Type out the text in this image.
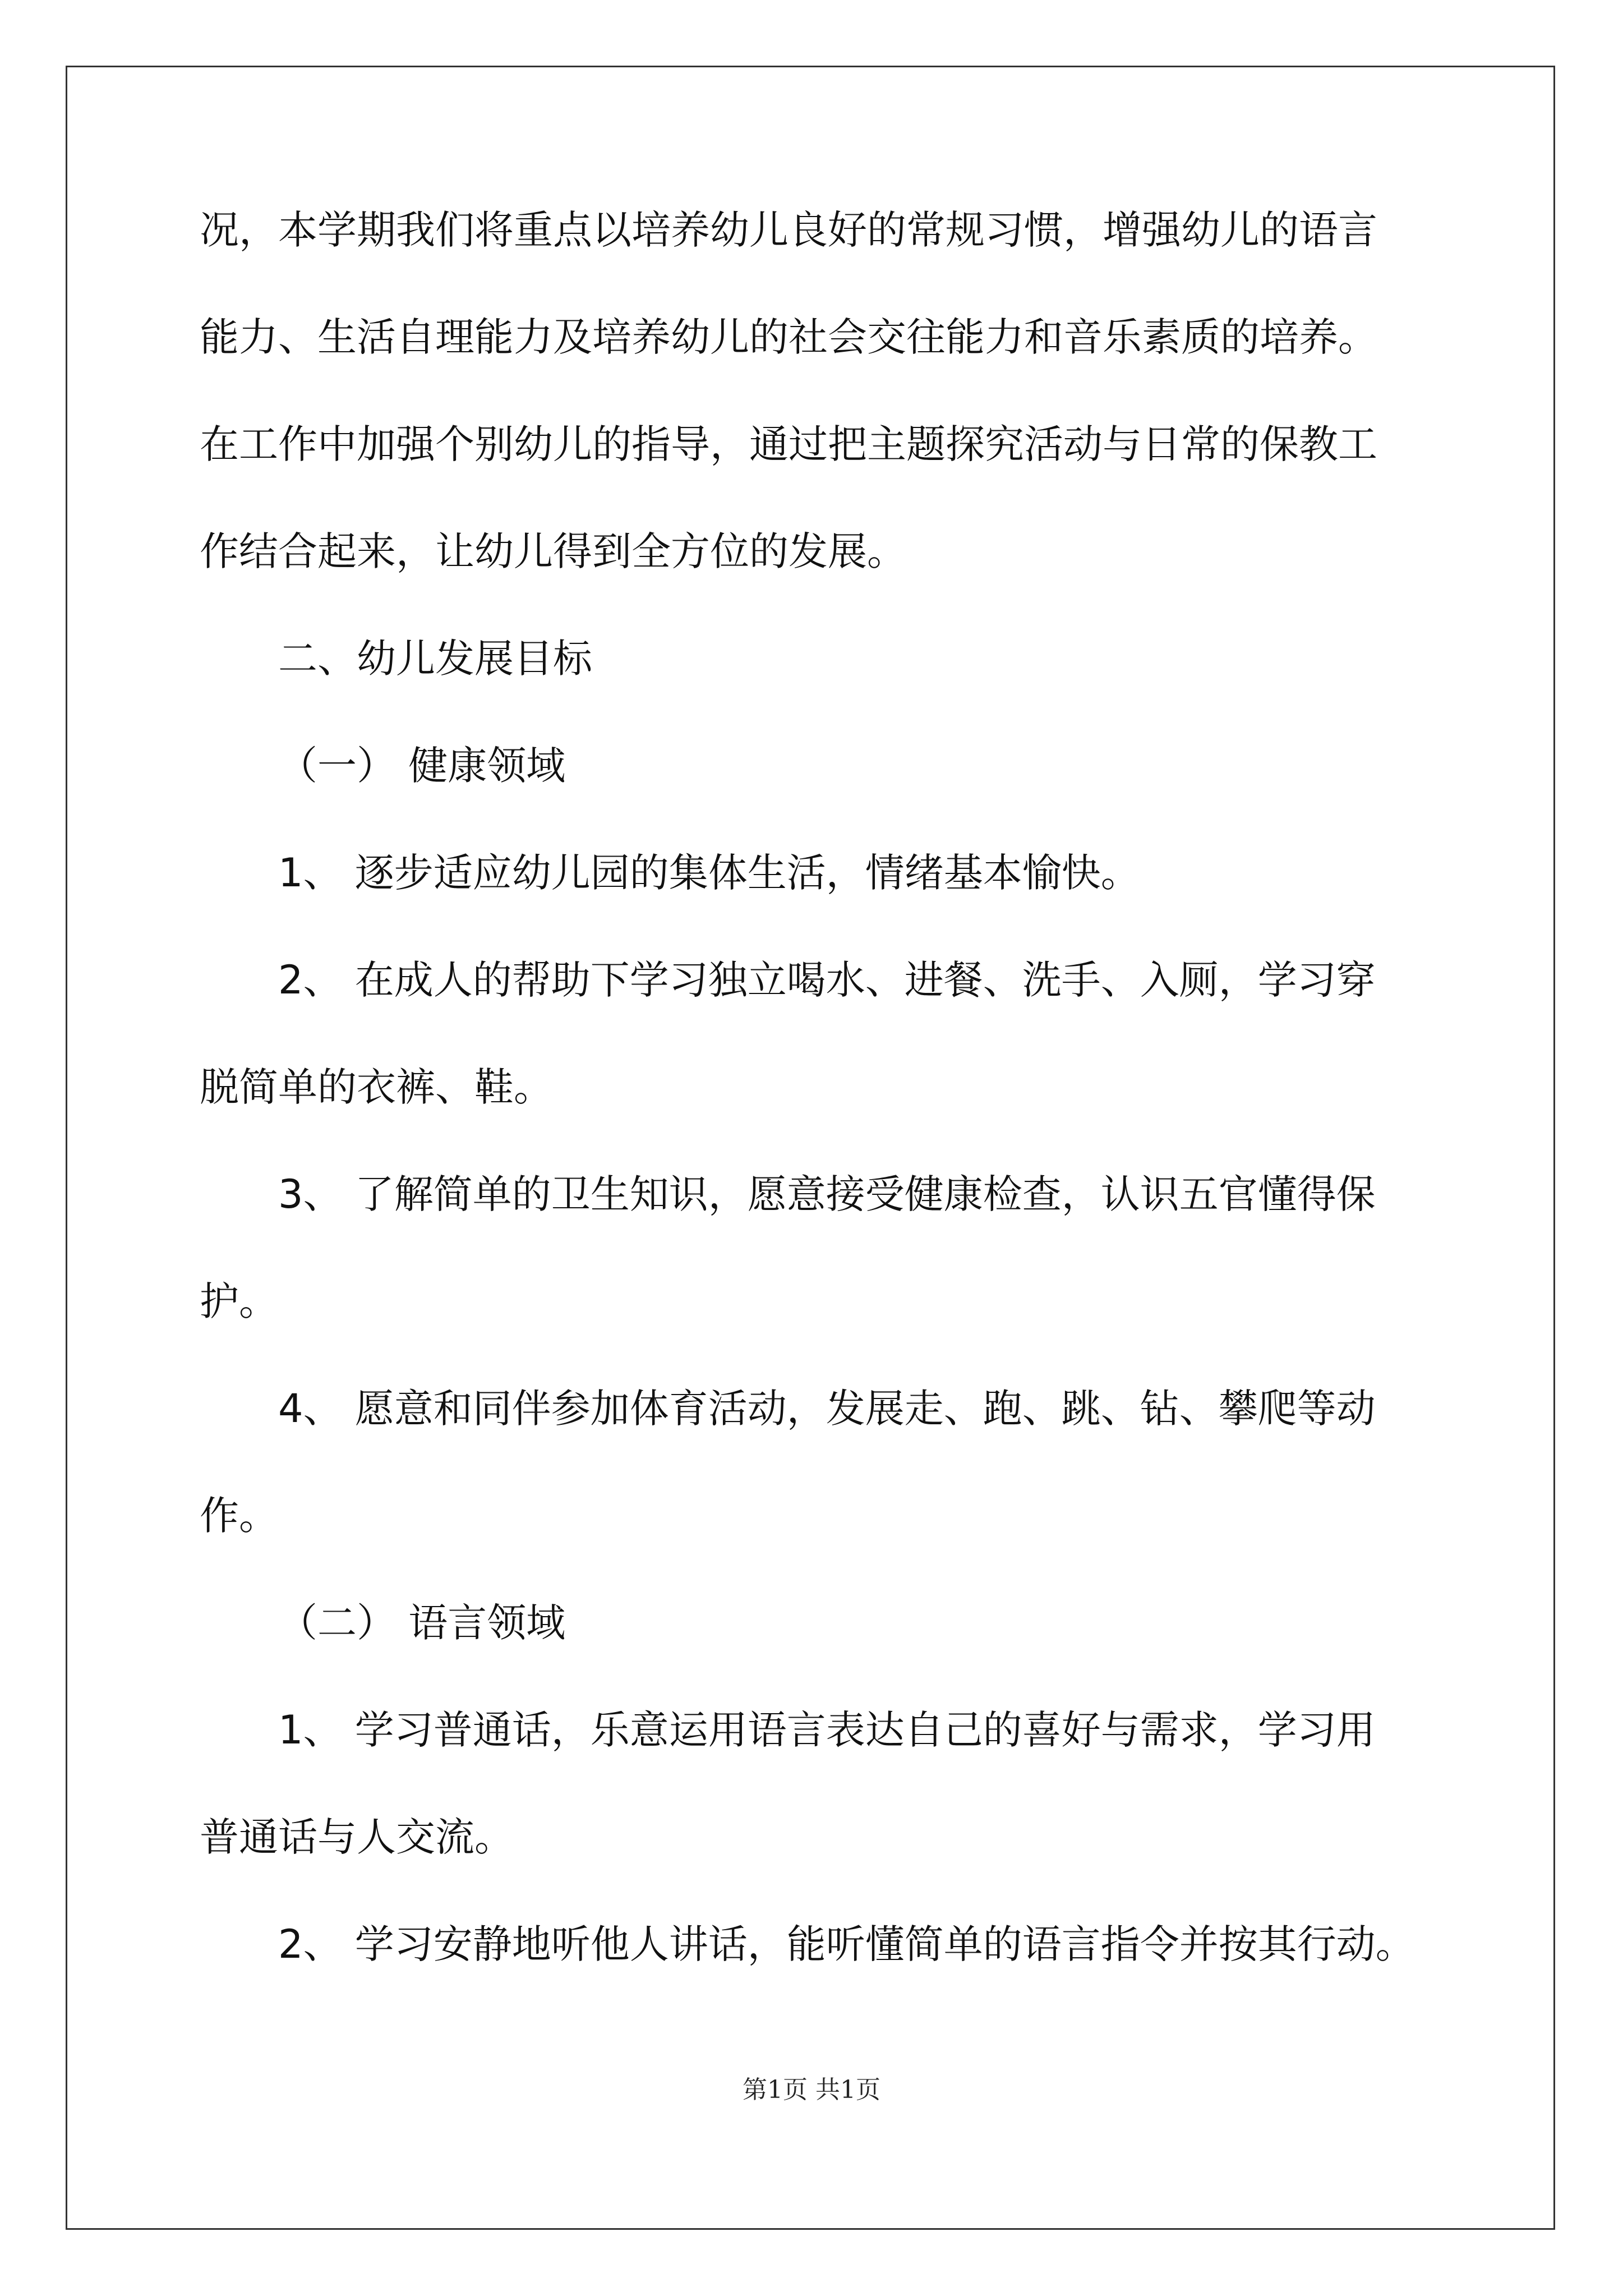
况，本学期我们将重点以培养幼儿良好的常规习惯，增强幼儿的语言

能力、生活自理能力及培养幼儿的社会交往能力和音乐素质的培养。

在工作中加强个别幼儿的指导，通过把主题探究活动与日常的保教工

作结合起来，让幼儿得到全方位的发展。

二、幼儿发展目标

（一） 健康领域

1、 逐步适应幼儿园的集体生活，情绪基本愉快。

2、 在成人的帮助下学习独立喝水、进餐、洗手、入厕，学习穿

脱简单的衣裤、鞋。

3、 了解简单的卫生知识，愿意接受健康检查，认识五官懂得保

护。

4、 愿意和同伴参加体育活动，发展走、跑、跳、钻、攀爬等动

作。

（二） 语言领域

1、 学习普通话，乐意运用语言表达自己的喜好与需求，学习用

普通话与人交流。

2、 学习安静地听他人讲话，能听懂简单的语言指令并按其行动。

第1页 共1页
